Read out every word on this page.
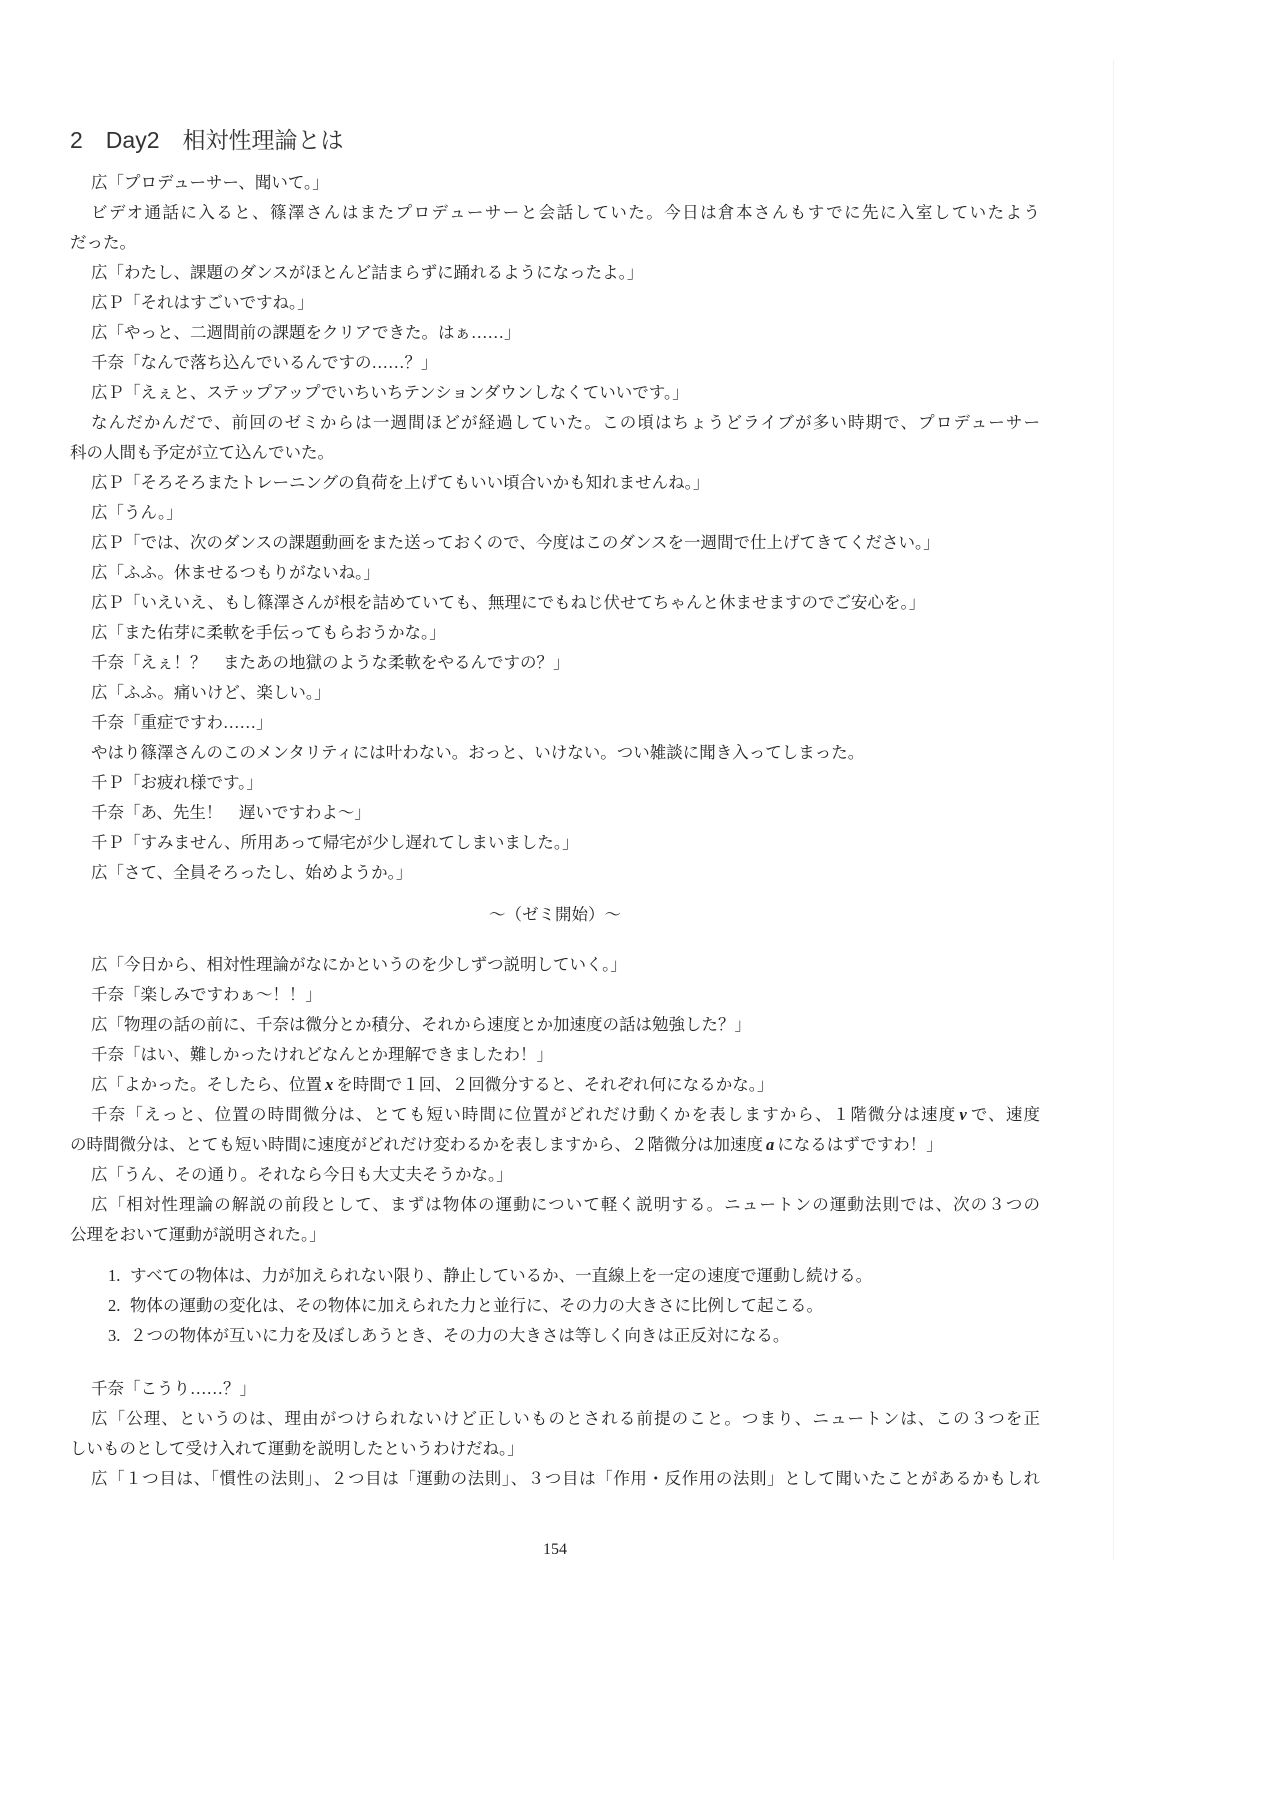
2　Day2　相対性理論とは
広「プロデューサー、聞いて。」
ビデオ通話に入ると、篠澤さんはまたプロデューサーと会話していた。今日は倉本さんもすでに先に入室していたよう
だった。
広「わたし、課題のダンスがほとんど詰まらずに踊れるようになったよ。」
広Ｐ「それはすごいですね。」
広「やっと、二週間前の課題をクリアできた。はぁ……」
千奈「なんで落ち込んでいるんですの……？」
広Ｐ「えぇと、ステップアップでいちいちテンションダウンしなくていいです。」
なんだかんだで、前回のゼミからは一週間ほどが経過していた。この頃はちょうどライブが多い時期で、プロデューサー
科の人間も予定が立て込んでいた。
広Ｐ「そろそろまたトレーニングの負荷を上げてもいい頃合いかも知れませんね。」
広「うん。」
広Ｐ「では、次のダンスの課題動画をまた送っておくので、今度はこのダンスを一週間で仕上げてきてください。」
広「ふふ。休ませるつもりがないね。」
広Ｐ「いえいえ、もし篠澤さんが根を詰めていても、無理にでもねじ伏せてちゃんと休ませますのでご安心を。」
広「また佑芽に柔軟を手伝ってもらおうかな。」
千奈「えぇ！？　またあの地獄のような柔軟をやるんですの？」
広「ふふ。痛いけど、楽しい。」
千奈「重症ですわ……」
やはり篠澤さんのこのメンタリティには叶わない。おっと、いけない。つい雑談に聞き入ってしまった。
千Ｐ「お疲れ様です。」
千奈「あ、先生！　遅いですわよ～」
千Ｐ「すみません、所用あって帰宅が少し遅れてしまいました。」
広「さて、全員そろったし、始めようか。」
～（ゼミ開始）～
広「今日から、相対性理論がなにかというのを少しずつ説明していく。」
千奈「楽しみですわぁ～！！」
広「物理の話の前に、千奈は微分とか積分、それから速度とか加速度の話は勉強した？」
千奈「はい、難しかったけれどなんとか理解できましたわ！」
広「よかった。そしたら、位置 x を時間で１回、２回微分すると、それぞれ何になるかな。」
千奈「えっと、位置の時間微分は、とても短い時間に位置がどれだけ動くかを表しますから、１階微分は速度 v で、速度
の時間微分は、とても短い時間に速度がどれだけ変わるかを表しますから、２階微分は加速度 a になるはずですわ！」
広「うん、その通り。それなら今日も大丈夫そうかな。」
広「相対性理論の解説の前段として、まずは物体の運動について軽く説明する。ニュートンの運動法則では、次の３つの
公理をおいて運動が説明された。」
1. すべての物体は、力が加えられない限り、静止しているか、一直線上を一定の速度で運動し続ける。
2. 物体の運動の変化は、その物体に加えられた力と並行に、その力の大きさに比例して起こる。
3. ２つの物体が互いに力を及ぼしあうとき、その力の大きさは等しく向きは正反対になる。
千奈「こうり……？」
広「公理、というのは、理由がつけられないけど正しいものとされる前提のこと。つまり、ニュートンは、この３つを正
しいものとして受け入れて運動を説明したというわけだね。」
広「１つ目は、「慣性の法則」、２つ目は「運動の法則」、３つ目は「作用・反作用の法則」として聞いたことがあるかもしれ
154
